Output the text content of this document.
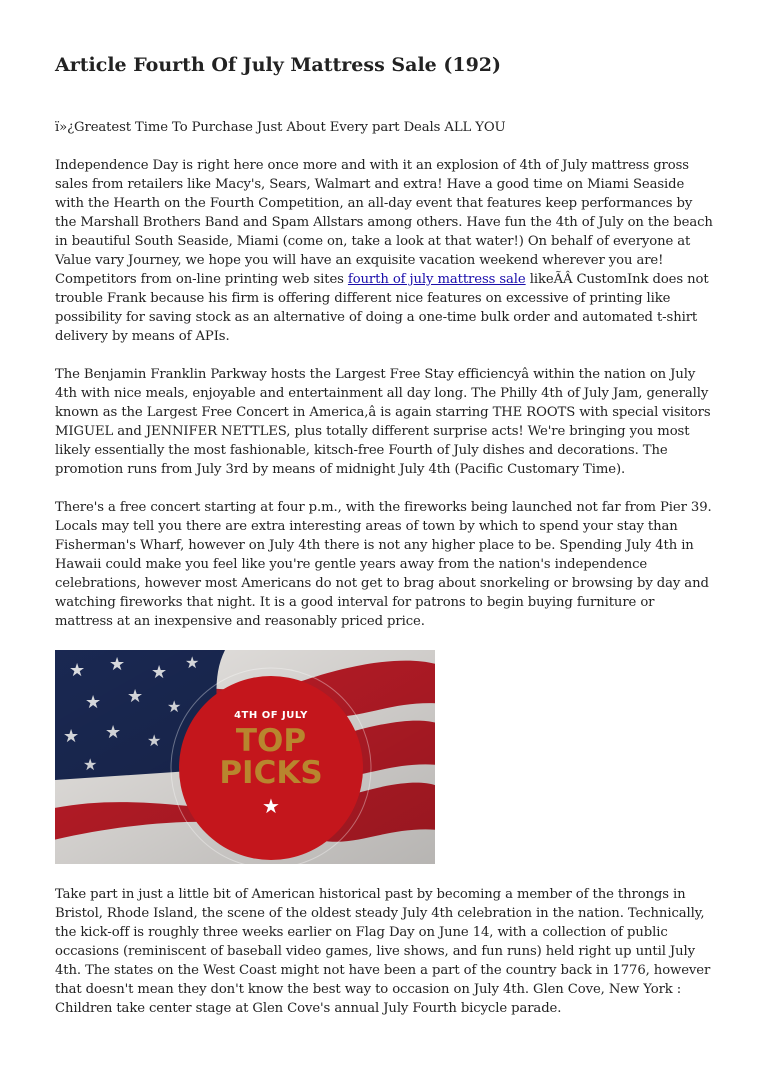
Article Fourth Of July Mattress Sale (192)

ï»¿Greatest Time To Purchase Just About Every part Deals ALL YOU

Independence Day is right here once more and with it an explosion of 4th of July mattress gross sales from retailers like Macy's, Sears, Walmart and extra! Have a good time on Miami Seaside with the Hearth on the Fourth Competition, an all-day event that features keep performances by the Marshall Brothers Band and Spam Allstars among others. Have fun the 4th of July on the beach in beautiful South Seaside, Miami (come on, take a look at that water!) On behalf of everyone at Value vary Journey, we hope you will have an exquisite vacation weekend wherever you are! Competitors from on-line printing web sites fourth of july mattress sale likeÃÂ CustomInk does not trouble Frank because his firm is offering different nice features on excessive of printing like possibility for saving stock as an alternative of doing a one-time bulk order and automated t-shirt delivery by means of APIs.

The Benjamin Franklin Parkway hosts the Largest Free Stay efficiencyâ within the nation on July 4th with nice meals, enjoyable and entertainment all day long. The Philly 4th of July Jam, generally known as the Largest Free Concert in America,â is again starring THE ROOTS with special visitors MIGUEL and JENNIFER NETTLES, plus totally different surprise acts! We're bringing you most likely essentially the most fashionable, kitsch-free Fourth of July dishes and decorations. The promotion runs from July 3rd by means of midnight July 4th (Pacific Customary Time).

There's a free concert starting at four p.m., with the fireworks being launched not far from Pier 39. Locals may tell you there are extra interesting areas of town by which to spend your stay than Fisherman's Wharf, however on July 4th there is not any higher place to be. Spending July 4th in Hawaii could make you feel like you're gentle years away from the nation's independence celebrations, however most Americans do not get to brag about snorkeling or browsing by day and watching fireworks that night. It is a good interval for patrons to begin buying furniture or mattress at an inexpensive and reasonably priced price.

4TH OF JULY
TOP
PICKS
★

Take part in just a little bit of American historical past by becoming a member of the throngs in Bristol, Rhode Island, the scene of the oldest steady July 4th celebration in the nation. Technically, the kick-off is roughly three weeks earlier on Flag Day on June 14, with a collection of public occasions (reminiscent of baseball video games, live shows, and fun runs) held right up until July 4th. The states on the West Coast might not have been a part of the country back in 1776, however that doesn't mean they don't know the best way to occasion on July 4th. Glen Cove, New York : Children take center stage at Glen Cove's annual July Fourth bicycle parade.
